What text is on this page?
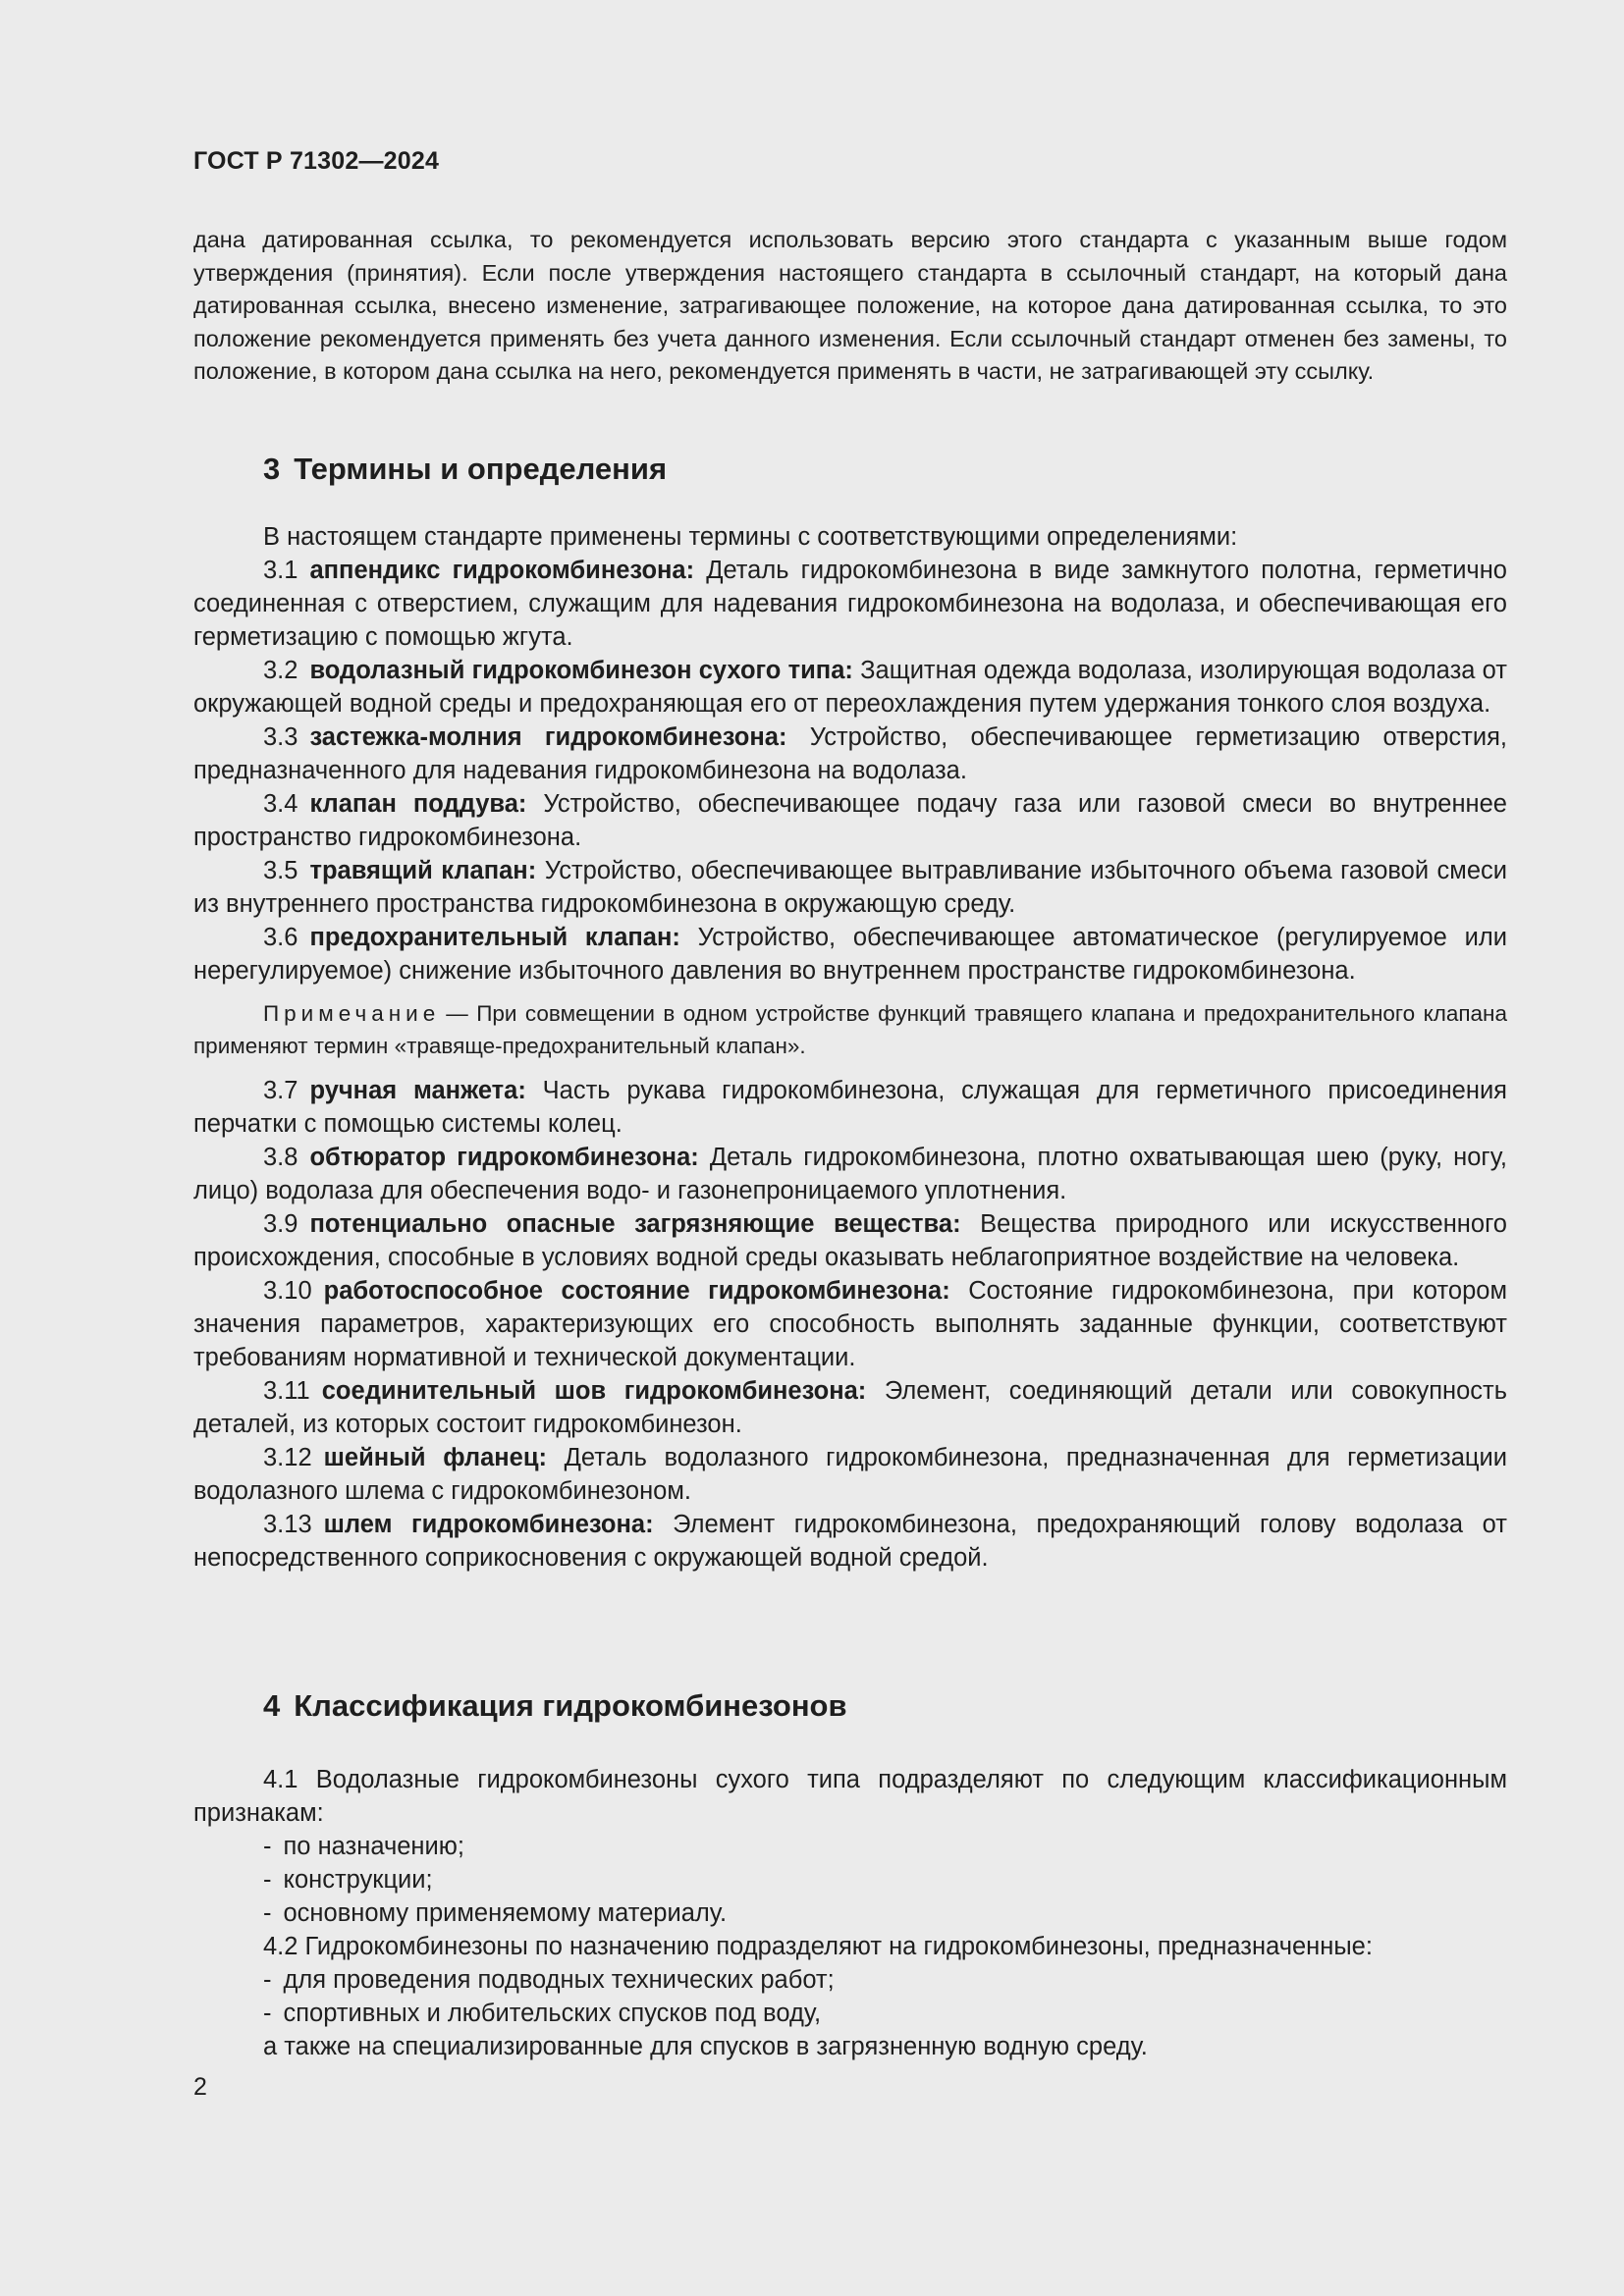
ГОСТ Р 71302—2024
дана датированная ссылка, то рекомендуется использовать версию этого стандарта с указанным выше годом утверждения (принятия). Если после утверждения настоящего стандарта в ссылочный стандарт, на который дана датированная ссылка, внесено изменение, затрагивающее положение, на которое дана датированная ссылка, то это положение рекомендуется применять без учета данного изменения. Если ссылочный стандарт отменен без замены, то положение, в котором дана ссылка на него, рекомендуется применять в части, не затрагивающей эту ссылку.
3 Термины и определения

В настоящем стандарте применены термины с соответствующими определениями:

3.1 аппендикс гидрокомбинезона: Деталь гидрокомбинезона в виде замкнутого полотна, герметично соединенная с отверстием, служащим для надевания гидрокомбинезона на водолаза, и обеспечивающая его герметизацию с помощью жгута.

3.2 водолазный гидрокомбинезон сухого типа: Защитная одежда водолаза, изолирующая водолаза от окружающей водной среды и предохраняющая его от переохлаждения путем удержания тонкого слоя воздуха.

3.3 застежка-молния гидрокомбинезона: Устройство, обеспечивающее герметизацию отверстия, предназначенного для надевания гидрокомбинезона на водолаза.

3.4 клапан поддува: Устройство, обеспечивающее подачу газа или газовой смеси во внутреннее пространство гидрокомбинезона.

3.5 травящий клапан: Устройство, обеспечивающее вытравливание избыточного объема газовой смеси из внутреннего пространства гидрокомбинезона в окружающую среду.

3.6 предохранительный клапан: Устройство, обеспечивающее автоматическое (регулируемое или нерегулируемое) снижение избыточного давления во внутреннем пространстве гидрокомбинезона.

Примечание — При совмещении в одном устройстве функций травящего клапана и предохранительного клапана применяют термин «травяще-предохранительный клапан».

3.7 ручная манжета: Часть рукава гидрокомбинезона, служащая для герметичного присоединения перчатки с помощью системы колец.

3.8 обтюратор гидрокомбинезона: Деталь гидрокомбинезона, плотно охватывающая шею (руку, ногу, лицо) водолаза для обеспечения водо- и газонепроницаемого уплотнения.

3.9 потенциально опасные загрязняющие вещества: Вещества природного или искусственного происхождения, способные в условиях водной среды оказывать неблагоприятное воздействие на человека.

3.10 работоспособное состояние гидрокомбинезона: Состояние гидрокомбинезона, при котором значения параметров, характеризующих его способность выполнять заданные функции, соответствуют требованиям нормативной и технической документации.

3.11 соединительный шов гидрокомбинезона: Элемент, соединяющий детали или совокупность деталей, из которых состоит гидрокомбинезон.

3.12 шейный фланец: Деталь водолазного гидрокомбинезона, предназначенная для герметизации водолазного шлема с гидрокомбинезоном.

3.13 шлем гидрокомбинезона: Элемент гидрокомбинезона, предохраняющий голову водолаза от непосредственного соприкосновения с окружающей водной средой.

4 Классификация гидрокомбинезонов

4.1 Водолазные гидрокомбинезоны сухого типа подразделяют по следующим классификационным признакам:

- по назначению;

- конструкции;

- основному применяемому материалу.

4.2 Гидрокомбинезоны по назначению подразделяют на гидрокомбинезоны, предназначенные:

- для проведения подводных технических работ;

- спортивных и любительских спусков под воду,

а также на специализированные для спусков в загрязненную водную среду.

2
